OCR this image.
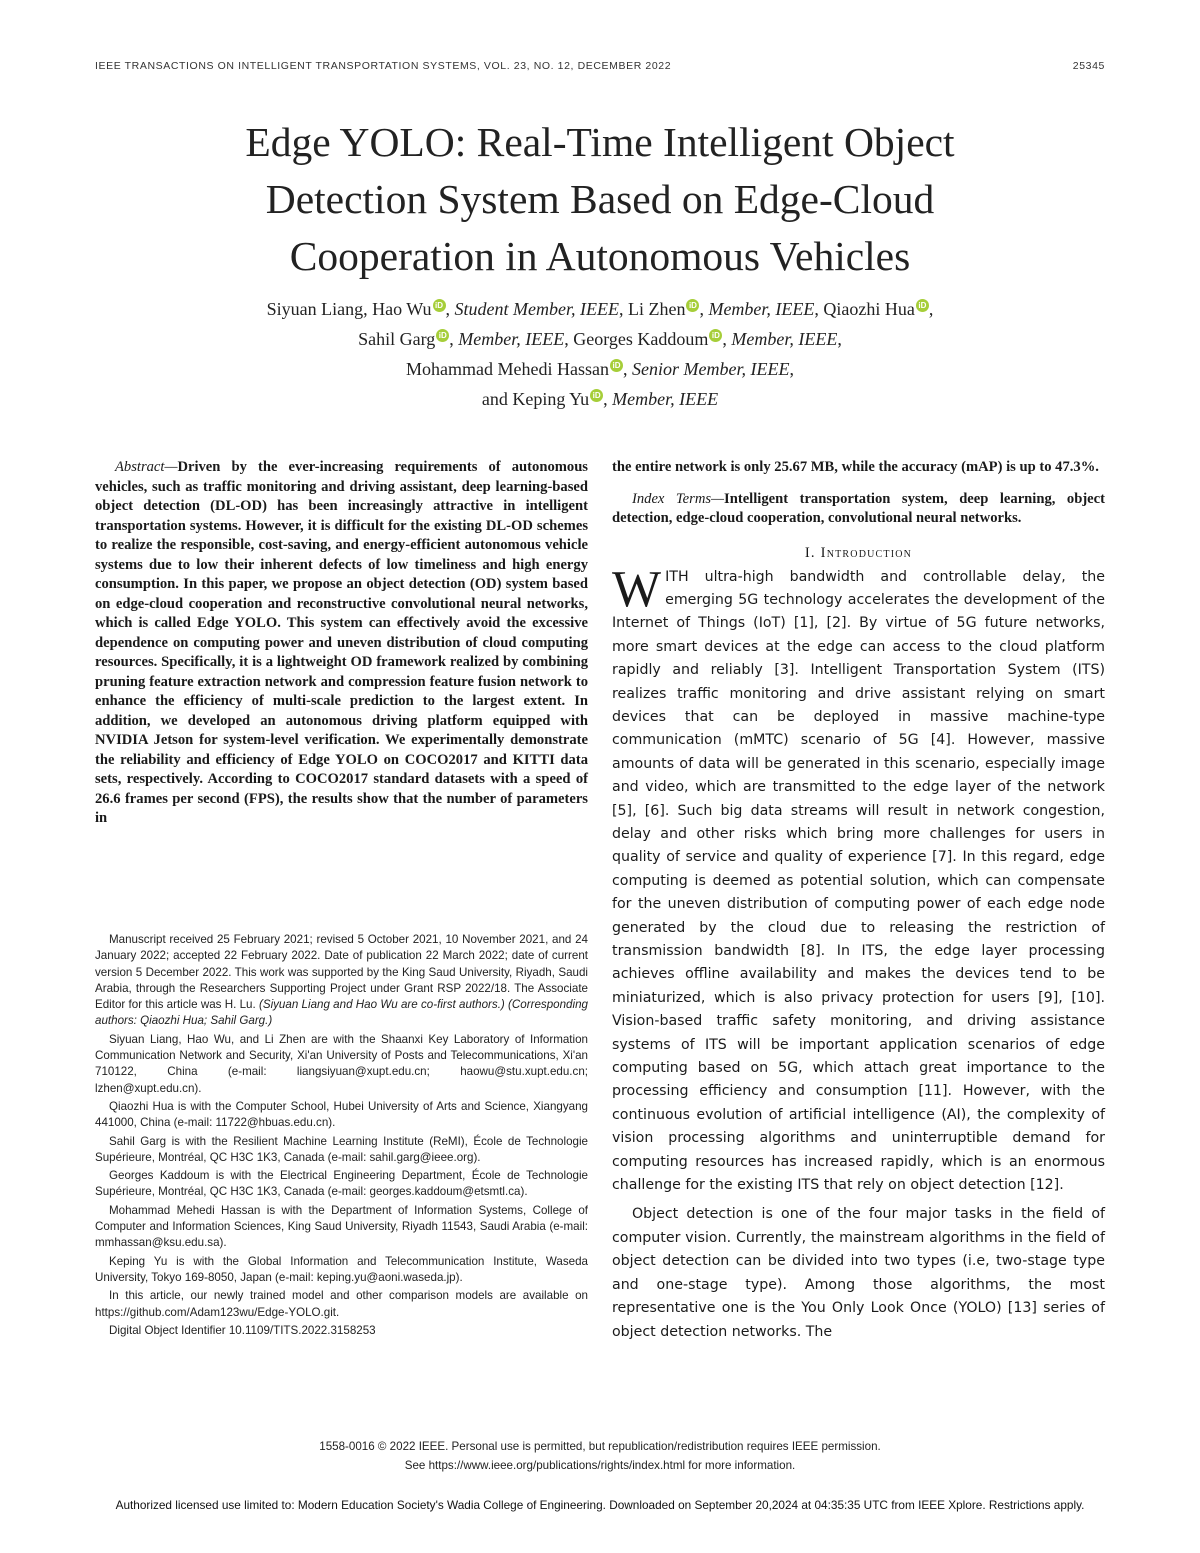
IEEE TRANSACTIONS ON INTELLIGENT TRANSPORTATION SYSTEMS, VOL. 23, NO. 12, DECEMBER 2022	25345
Edge YOLO: Real-Time Intelligent Object
Detection System Based on Edge-Cloud
Cooperation in Autonomous Vehicles
Siyuan Liang, Hao Wu iD , Student Member, IEEE, Li Zhen iD , Member, IEEE, Qiaozhi Hua iD ,
Sahil Garg iD , Member, IEEE, Georges Kaddoum iD , Member, IEEE,
Mohammad Mehedi Hassan iD , Senior Member, IEEE,
and Keping Yu iD , Member, IEEE
Abstract—Driven by the ever-increasing requirements of autonomous vehicles, such as traffic monitoring and driving assistant, deep learning-based object detection (DL-OD) has been increasingly attractive in intelligent transportation systems. However, it is difficult for the existing DL-OD schemes to realize the responsible, cost-saving, and energy-efficient autonomous vehicle systems due to low their inherent defects of low timeliness and high energy consumption. In this paper, we propose an object detection (OD) system based on edge-cloud cooperation and reconstructive convolutional neural networks, which is called Edge YOLO. This system can effectively avoid the excessive dependence on computing power and uneven distribution of cloud computing resources. Specifically, it is a lightweight OD framework realized by combining pruning feature extraction network and compression feature fusion network to enhance the efficiency of multi-scale prediction to the largest extent. In addition, we developed an autonomous driving platform equipped with NVIDIA Jetson for system-level verification. We experimentally demonstrate the reliability and efficiency of Edge YOLO on COCO2017 and KITTI data sets, respectively. According to COCO2017 standard datasets with a speed of 26.6 frames per second (FPS), the results show that the number of parameters in

Manuscript received 25 February 2021; revised 5 October 2021, 10 November 2021, and 24 January 2022; accepted 22 February 2022. Date of publication 22 March 2022; date of current version 5 December 2022. This work was supported by the King Saud University, Riyadh, Saudi Arabia, through the Researchers Supporting Project under Grant RSP 2022/18. The Associate Editor for this article was H. Lu. (Siyuan Liang and Hao Wu are co-first authors.) (Corresponding authors: Qiaozhi Hua; Sahil Garg.)

Siyuan Liang, Hao Wu, and Li Zhen are with the Shaanxi Key Laboratory of Information Communication Network and Security, Xi'an University of Posts and Telecommunications, Xi'an 710122, China (e-mail: liangsiyuan@xupt.edu.cn; haowu@stu.xupt.edu.cn; lzhen@xupt.edu.cn).

Qiaozhi Hua is with the Computer School, Hubei University of Arts and Science, Xiangyang 441000, China (e-mail: 11722@hbuas.edu.cn).

Sahil Garg is with the Resilient Machine Learning Institute (ReMI), École de Technologie Supérieure, Montréal, QC H3C 1K3, Canada (e-mail: sahil.garg@ieee.org).

Georges Kaddoum is with the Electrical Engineering Department, École de Technologie Supérieure, Montréal, QC H3C 1K3, Canada (e-mail: georges.kaddoum@etsmtl.ca).

Mohammad Mehedi Hassan is with the Department of Information Systems, College of Computer and Information Sciences, King Saud University, Riyadh 11543, Saudi Arabia (e-mail: mmhassan@ksu.edu.sa).

Keping Yu is with the Global Information and Telecommunication Institute, Waseda University, Tokyo 169-8050, Japan (e-mail: keping.yu@aoni.waseda.jp).

In this article, our newly trained model and other comparison models are available on https://github.com/Adam123wu/Edge-YOLO.git.

Digital Object Identifier 10.1109/TITS.2022.3158253

the entire network is only 25.67 MB, while the accuracy (mAP) is up to 47.3%.
Index Terms—Intelligent transportation system, deep learning, object detection, edge-cloud cooperation, convolutional neural networks.
I. Introduction

WITH ultra-high bandwidth and controllable delay, the emerging 5G technology accelerates the development of the Internet of Things (IoT) [1], [2]. By virtue of 5G future networks, more smart devices at the edge can access to the cloud platform rapidly and reliably [3]. Intelligent Transportation System (ITS) realizes traffic monitoring and drive assistant relying on smart devices that can be deployed in massive machine-type communication (mMTC) scenario of 5G [4]. However, massive amounts of data will be generated in this scenario, especially image and video, which are transmitted to the edge layer of the network [5], [6]. Such big data streams will result in network congestion, delay and other risks which bring more challenges for users in quality of service and quality of experience [7]. In this regard, edge computing is deemed as potential solution, which can compensate for the uneven distribution of computing power of each edge node generated by the cloud due to releasing the restriction of transmission bandwidth [8]. In ITS, the edge layer processing achieves offline availability and makes the devices tend to be miniaturized, which is also privacy protection for users [9], [10]. Vision-based traffic safety monitoring, and driving assistance systems of ITS will be important application scenarios of edge computing based on 5G, which attach great importance to the processing efficiency and consumption [11]. However, with the continuous evolution of artificial intelligence (AI), the complexity of vision processing algorithms and uninterruptible demand for computing resources has increased rapidly, which is an enormous challenge for the existing ITS that rely on object detection [12].

Object detection is one of the four major tasks in the field of computer vision. Currently, the mainstream algorithms in the field of object detection can be divided into two types (i.e, two-stage type and one-stage type). Among those algorithms, the most representative one is the You Only Look Once (YOLO) [13] series of object detection networks. The

1558-0016 © 2022 IEEE. Personal use is permitted, but republication/redistribution requires IEEE permission.
See https://www.ieee.org/publications/rights/index.html for more information.
Authorized licensed use limited to: Modern Education Society's Wadia College of Engineering. Downloaded on September 20,2024 at 04:35:35 UTC from IEEE Xplore. Restrictions apply.
